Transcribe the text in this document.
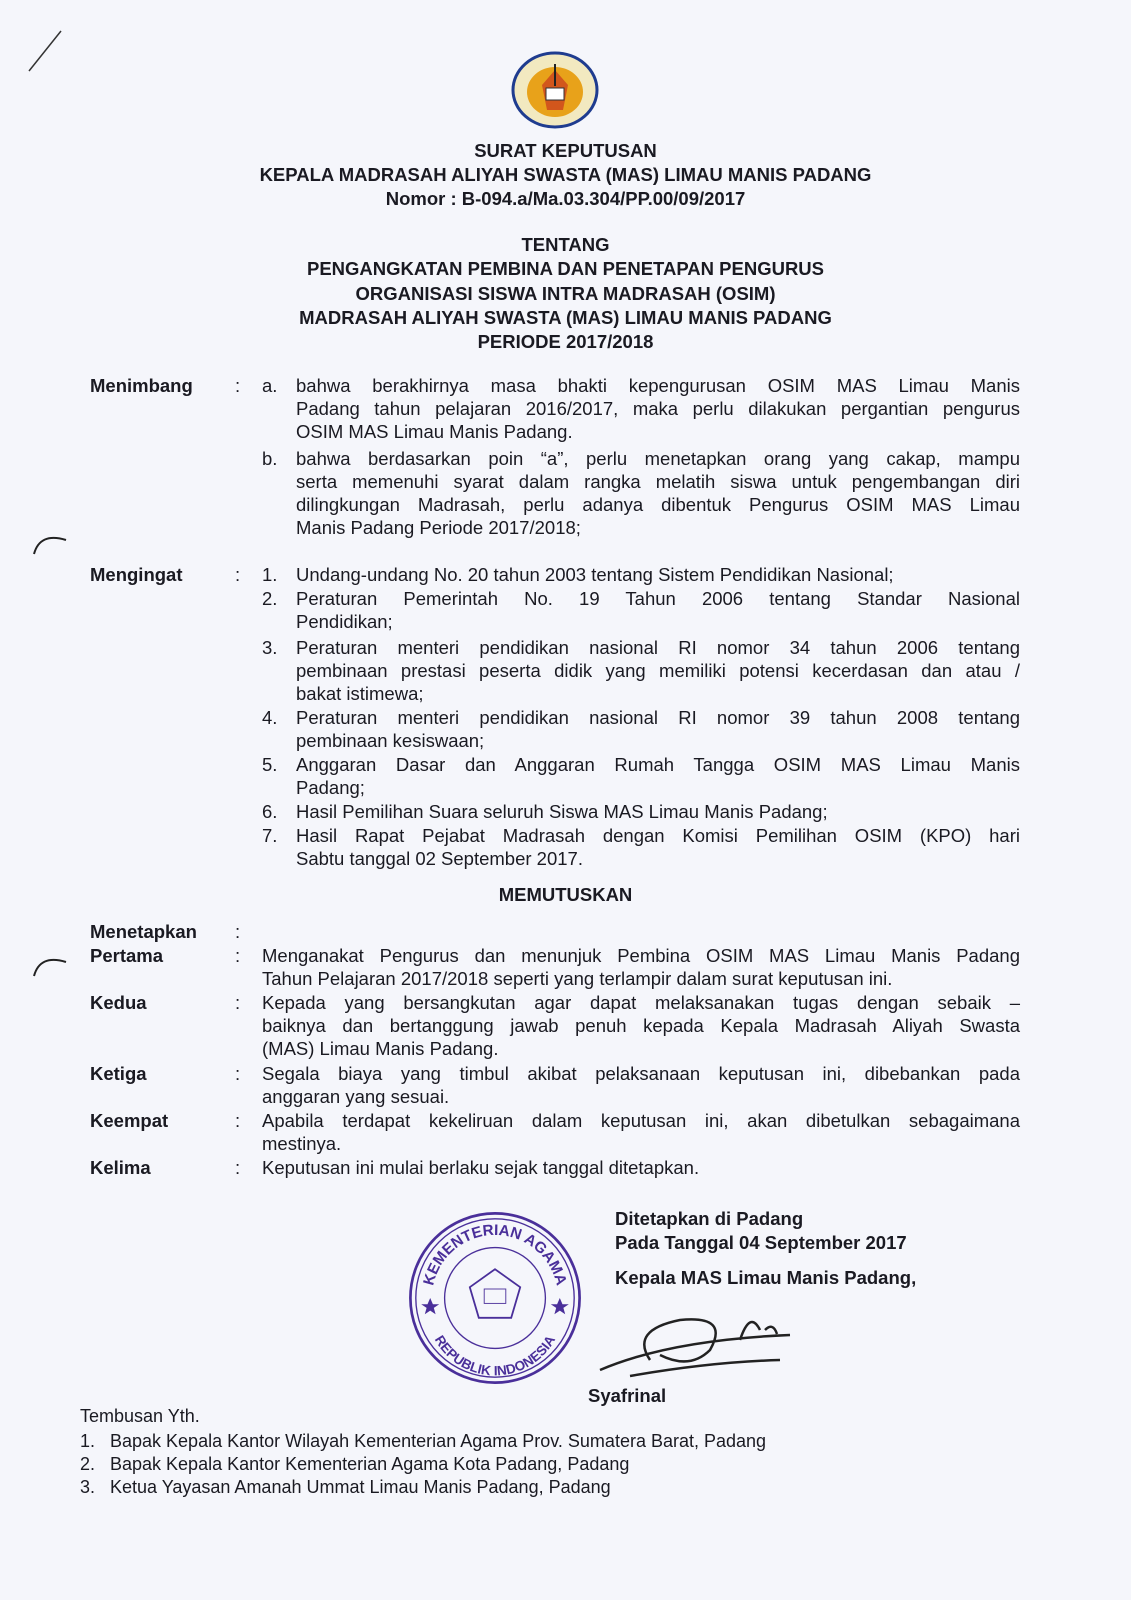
SURAT KEPUTUSAN
KEPALA MADRASAH ALIYAH SWASTA (MAS) LIMAU MANIS PADANG
Nomor : B-094.a/Ma.03.304/PP.00/09/2017
TENTANG
PENGANGKATAN PEMBINA DAN PENETAPAN PENGURUS
ORGANISASI SISWA INTRA MADRASAH (OSIM)
MADRASAH ALIYAH SWASTA (MAS) LIMAU MANIS PADANG
PERIODE 2017/2018
Menimbang : a. bahwa berakhirnya masa bhakti kepengurusan OSIM MAS Limau Manis
Padang tahun pelajaran 2016/2017, maka perlu dilakukan pergantian pengurus
OSIM MAS Limau Manis Padang.
b. bahwa berdasarkan poin “a”, perlu menetapkan orang yang cakap, mampu
serta memenuhi syarat dalam rangka melatih siswa untuk pengembangan diri
dilingkungan Madrasah, perlu adanya dibentuk Pengurus OSIM MAS Limau
Manis Padang Periode 2017/2018;
Mengingat	: 1. Undang-undang No. 20 tahun 2003 tentang Sistem Pendidikan Nasional;
2. Peraturan Pemerintah No. 19 Tahun 2006 tentang Standar Nasional
Pendidikan;
3. Peraturan menteri pendidikan nasional RI nomor 34 tahun 2006 tentang
pembinaan prestasi peserta didik yang memiliki potensi kecerdasan dan atau /
bakat istimewa;
4. Peraturan menteri pendidikan nasional RI nomor 39 tahun 2008 tentang
pembinaan kesiswaan;
5. Anggaran Dasar dan Anggaran Rumah Tangga OSIM MAS Limau Manis
Padang;
6. Hasil Pemilihan Suara seluruh Siswa MAS Limau Manis Padang;
7. Hasil Rapat Pejabat Madrasah dengan Komisi Pemilihan OSIM (KPO) hari
Sabtu tanggal 02 September 2017.
Menetapkan :
Pertama	: Menganakat Pengurus dan menunjuk Pembina OSIM MAS Limau Manis Padang
Tahun Pelajaran 2017/2018 seperti yang terlampir dalam surat keputusan ini.
Kedua	: Kepada yang bersangkutan agar dapat melaksanakan tugas dengan sebaik –
baiknya dan bertanggung jawab penuh kepada Kepala Madrasah Aliyah Swasta
(MAS) Limau Manis Padang.
Ketiga	: Segala biaya yang timbul akibat pelaksanaan keputusan ini, dibebankan pada
anggaran yang sesuai.
Keempat	: Apabila terdapat kekeliruan dalam keputusan ini, akan dibetulkan sebagaimana
mestinya.
Kelima	: Keputusan ini mulai berlaku sejak tanggal ditetapkan.
MEMUTUSKAN
KEMENTERIAN AGAMA
REPUBLIK INDONESIA
Ditetapkan di Padang
Pada Tanggal 04 September 2017
Kepala MAS Limau Manis Padang,
Syafrinal
Tembusan Yth.
1. Bapak Kepala Kantor Wilayah Kementerian Agama Prov. Sumatera Barat, Padang
2. Bapak Kepala Kantor Kementerian Agama Kota Padang, Padang
3. Ketua Yayasan Amanah Ummat Limau Manis Padang, Padang
